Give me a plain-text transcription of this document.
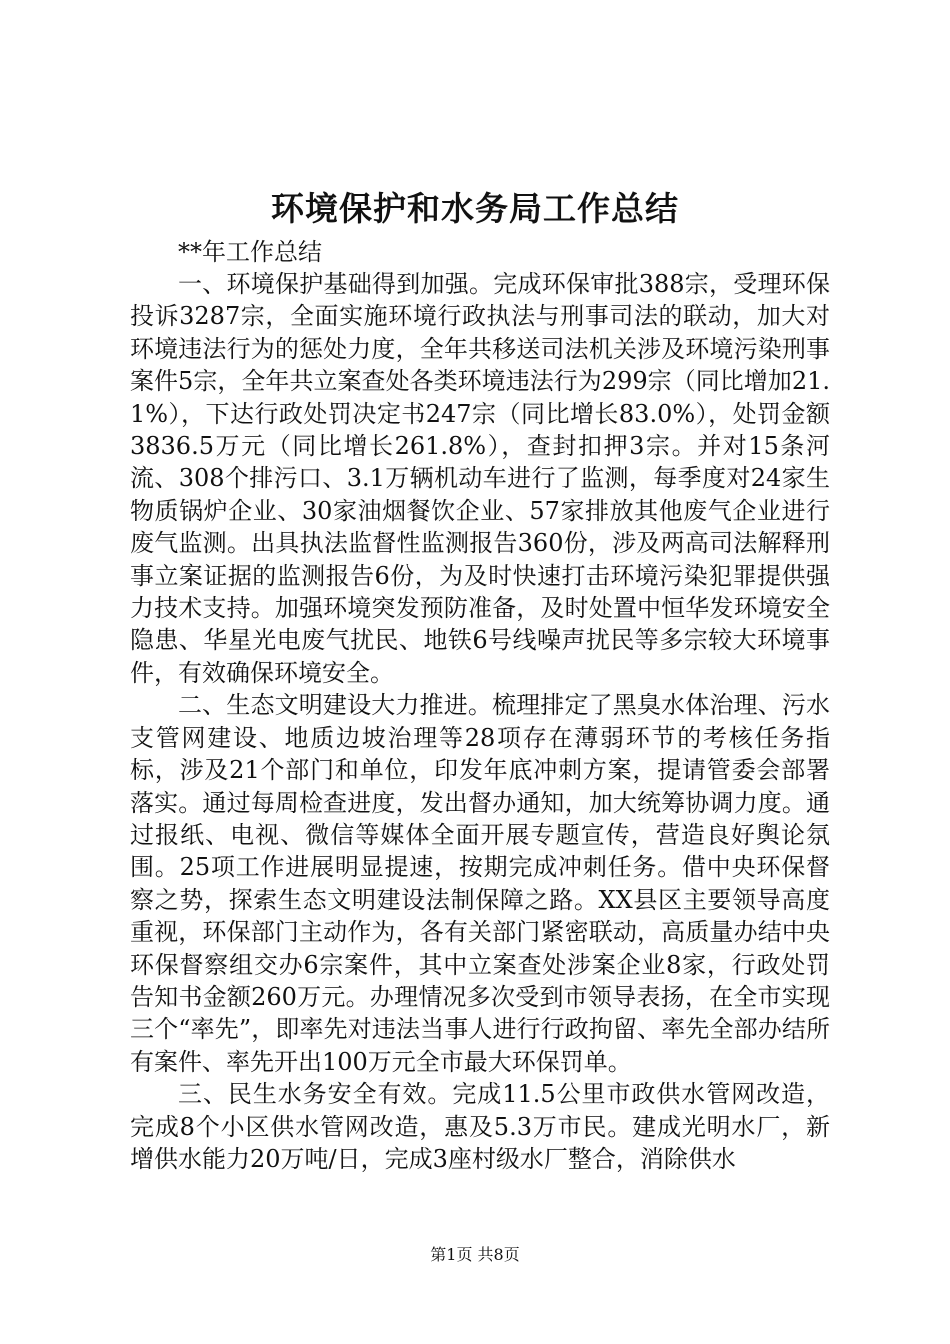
环境保护和水务局工作总结

**年工作总结

一、环境保护基础得到加强。完成环保审批388宗，受理环保投诉3287宗，全面实施环境行政执法与刑事司法的联动，加大对环境违法行为的惩处力度，全年共移送司法机关涉及环境污染刑事案件5宗，全年共立案查处各类环境违法行为299宗（同比增加21.1%），下达行政处罚决定书247宗（同比增长83.0%），处罚金额3836.5万元（同比增长261.8%），查封扣押3宗。并对15条河流、308个排污口、3.1万辆机动车进行了监测，每季度对24家生物质锅炉企业、30家油烟餐饮企业、57家排放其他废气企业进行废气监测。出具执法监督性监测报告360份，涉及两高司法解释刑事立案证据的监测报告6份，为及时快速打击环境污染犯罪提供强力技术支持。加强环境突发预防准备，及时处置中恒华发环境安全隐患、华星光电废气扰民、地铁6号线噪声扰民等多宗较大环境事件，有效确保环境安全。

二、生态文明建设大力推进。梳理排定了黑臭水体治理、污水支管网建设、地质边坡治理等28项存在薄弱环节的考核任务指标，涉及21个部门和单位，印发年底冲刺方案，提请管委会部署落实。通过每周检查进度，发出督办通知，加大统筹协调力度。通过报纸、电视、微信等媒体全面开展专题宣传，营造良好舆论氛围。25项工作进展明显提速，按期完成冲刺任务。借中央环保督察之势，探索生态文明建设法制保障之路。XX县区主要领导高度重视，环保部门主动作为，各有关部门紧密联动，高质量办结中央环保督察组交办6宗案件，其中立案查处涉案企业8家，行政处罚告知书金额260万元。办理情况多次受到市领导表扬，在全市实现三个“率先”，即率先对违法当事人进行行政拘留、率先全部办结所有案件、率先开出100万元全市最大环保罚单。

三、民生水务安全有效。完成11.5公里市政供水管网改造，完成8个小区供水管网改造，惠及5.3万市民。建成光明水厂，新增供水能力20万吨/日，完成3座村级水厂整合，消除供水

第1页 共8页
